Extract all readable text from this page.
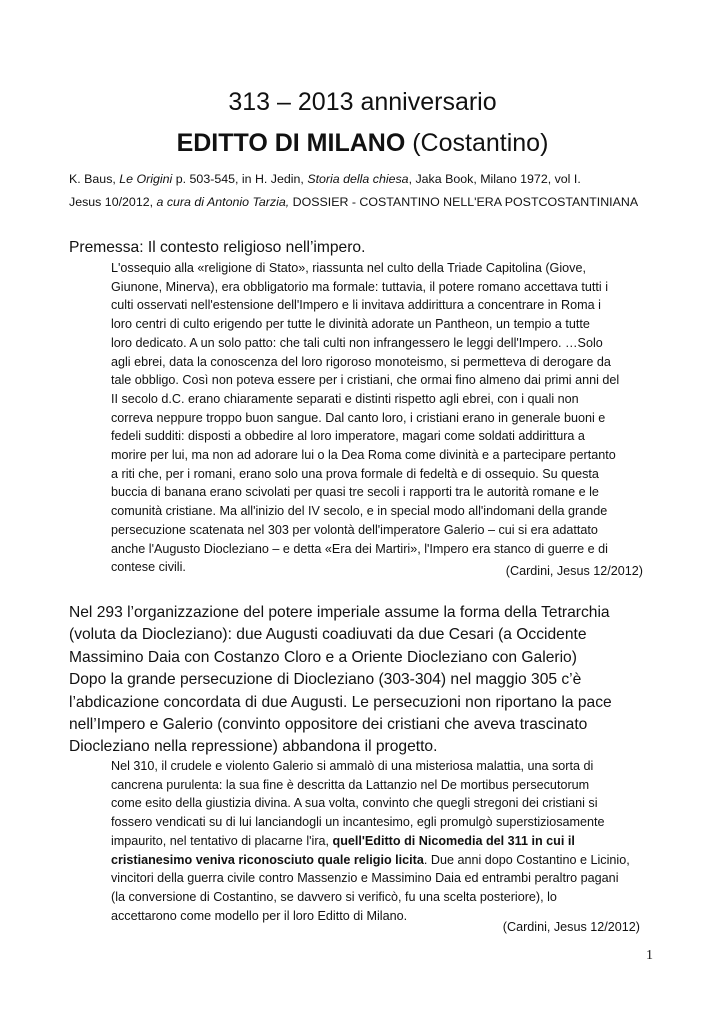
313 – 2013 anniversario
EDITTO DI MILANO (Costantino)
K. Baus, Le Origini p. 503-545, in H. Jedin, Storia della chiesa, Jaka Book, Milano 1972, vol I.
Jesus 10/2012, a cura di Antonio Tarzia, DOSSIER - COSTANTINO NELL'ERA POSTCOSTANTINIANA
Premessa: Il contesto religioso nell’impero.
L'ossequio alla «religione di Stato», riassunta nel culto della Triade Capitolina (Giove,
Giunone, Minerva), era obbligatorio ma formale: tuttavia, il potere romano accettava tutti i
culti osservati nell'estensione dell'Impero e li invitava addirittura a concentrare in Roma i
loro centri di culto erigendo per tutte le divinità adorate un Pantheon, un tempio a tutte
loro dedicato. A un solo patto: che tali culti non infrangessero le leggi dell'Impero. …Solo
agli ebrei, data la conoscenza del loro rigoroso monoteismo, si permetteva di derogare da
tale obbligo. Così non poteva essere per i cristiani, che ormai fino almeno dai primi anni del
II secolo d.C. erano chiaramente separati e distinti rispetto agli ebrei, con i quali non
correva neppure troppo buon sangue. Dal canto loro, i cristiani erano in generale buoni e
fedeli sudditi: disposti a obbedire al loro imperatore, magari come soldati addirittura a
morire per lui, ma non ad adorare lui o la Dea Roma come divinità e a partecipare pertanto
a riti che, per i romani, erano solo una prova formale di fedeltà e di ossequio. Su questa
buccia di banana erano scivolati per quasi tre secoli i rapporti tra le autorità romane e le
comunità cristiane. Ma all'inizio del IV secolo, e in special modo all'indomani della grande
persecuzione scatenata nel 303 per volontà dell'imperatore Galerio – cui si era adattato
anche l'Augusto Diocleziano – e detta «Era dei Martiri», l'Impero era stanco di guerre e di
contese civili.	(Cardini, Jesus 12/2012)
Nel 293 l’organizzazione del potere imperiale assume la forma della Tetrarchia
(voluta da Diocleziano): due Augusti coadiuvati da due Cesari (a Occidente
Massimino Daia con Costanzo Cloro e a Oriente Diocleziano con Galerio)
Dopo la grande persecuzione di Diocleziano (303-304) nel maggio 305 c’è
l’abdicazione concordata di due Augusti. Le persecuzioni non riportano la pace
nell’Impero e Galerio (convinto oppositore dei cristiani che aveva trascinato
Diocleziano nella repressione) abbandona il progetto.
Nel 310, il crudele e violento Galerio si ammalò di una misteriosa malattia, una sorta di
cancrena purulenta: la sua fine è descritta da Lattanzio nel De mortibus persecutorum
come esito della giustizia divina. A sua volta, convinto che quegli stregoni dei cristiani si
fossero vendicati su di lui lanciandogli un incantesimo, egli promulgò superstiziosamente
impaurito, nel tentativo di placarne l'ira, quell'Editto di Nicomedia del 311 in cui il
cristianesimo veniva riconosciuto quale religio licita. Due anni dopo Costantino e Licinio,
vincitori della guerra civile contro Massenzio e Massimino Daia ed entrambi peraltro pagani
(la conversione di Costantino, se davvero si verificò, fu una scelta posteriore), lo
accettarono come modello per il loro Editto di Milano.
(Cardini, Jesus 12/2012)
1
